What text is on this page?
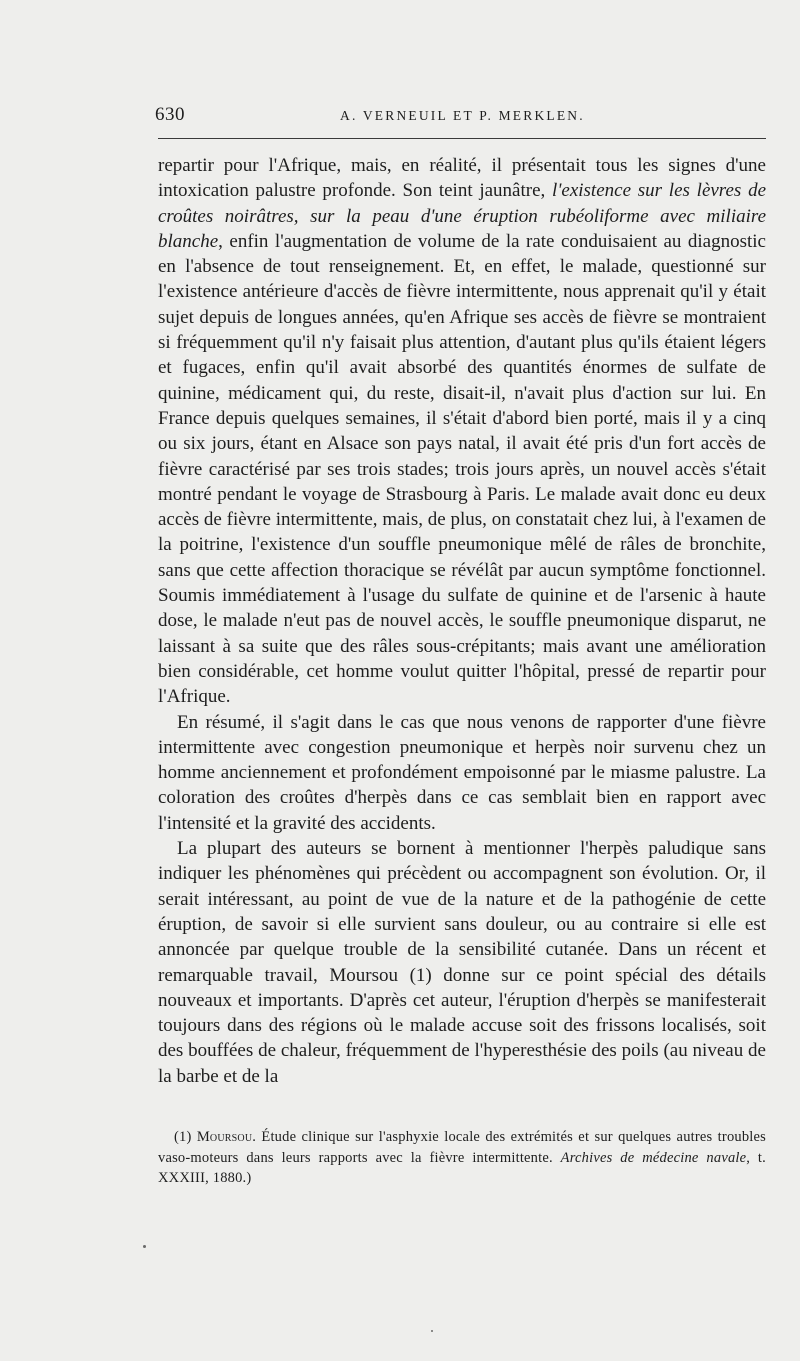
630	A. VERNEUIL ET P. MERKLEN.

repartir pour l'Afrique, mais, en réalité, il présentait tous les signes d'une intoxication palustre profonde. Son teint jaunâtre, l'existence sur les lèvres de croûtes noirâtres, sur la peau d'une éruption rubéoliforme avec miliaire blanche, enfin l'augmentation de volume de la rate conduisaient au diagnostic en l'absence de tout renseignement. Et, en effet, le malade, questionné sur l'existence antérieure d'accès de fièvre intermittente, nous apprenait qu'il y était sujet depuis de longues années, qu'en Afrique ses accès de fièvre se montraient si fréquemment qu'il n'y faisait plus attention, d'autant plus qu'ils étaient légers et fugaces, enfin qu'il avait absorbé des quantités énormes de sulfate de quinine, médicament qui, du reste, disait-il, n'avait plus d'action sur lui. En France depuis quelques semaines, il s'était d'abord bien porté, mais il y a cinq ou six jours, étant en Alsace son pays natal, il avait été pris d'un fort accès de fièvre caractérisé par ses trois stades; trois jours après, un nouvel accès s'était montré pendant le voyage de Strasbourg à Paris. Le malade avait donc eu deux accès de fièvre intermittente, mais, de plus, on constatait chez lui, à l'examen de la poitrine, l'existence d'un souffle pneumonique mêlé de râles de bronchite, sans que cette affection thoracique se révélât par aucun symptôme fonctionnel. Soumis immédiatement à l'usage du sulfate de quinine et de l'arsenic à haute dose, le malade n'eut pas de nouvel accès, le souffle pneumonique disparut, ne laissant à sa suite que des râles sous-crépitants; mais avant une amélioration bien considérable, cet homme voulut quitter l'hôpital, pressé de repartir pour l'Afrique.

En résumé, il s'agit dans le cas que nous venons de rapporter d'une fièvre intermittente avec congestion pneumonique et herpès noir survenu chez un homme anciennement et profondément empoisonné par le miasme palustre. La coloration des croûtes d'herpès dans ce cas semblait bien en rapport avec l'intensité et la gravité des accidents.

La plupart des auteurs se bornent à mentionner l'herpès paludique sans indiquer les phénomènes qui précèdent ou accompagnent son évolution. Or, il serait intéressant, au point de vue de la nature et de la pathogénie de cette éruption, de savoir si elle survient sans douleur, ou au contraire si elle est annoncée par quelque trouble de la sensibilité cutanée. Dans un récent et remarquable travail, Moursou (1) donne sur ce point spécial des détails nouveaux et importants. D'après cet auteur, l'éruption d'herpès se manifesterait toujours dans des régions où le malade accuse soit des frissons localisés, soit des bouffées de chaleur, fréquemment de l'hyperesthésie des poils (au niveau de la barbe et de la

(1) Moursou. Étude clinique sur l'asphyxie locale des extrémités et sur quelques autres troubles vaso-moteurs dans leurs rapports avec la fièvre intermittente. Archives de médecine navale, t. XXXIII, 1880.)
